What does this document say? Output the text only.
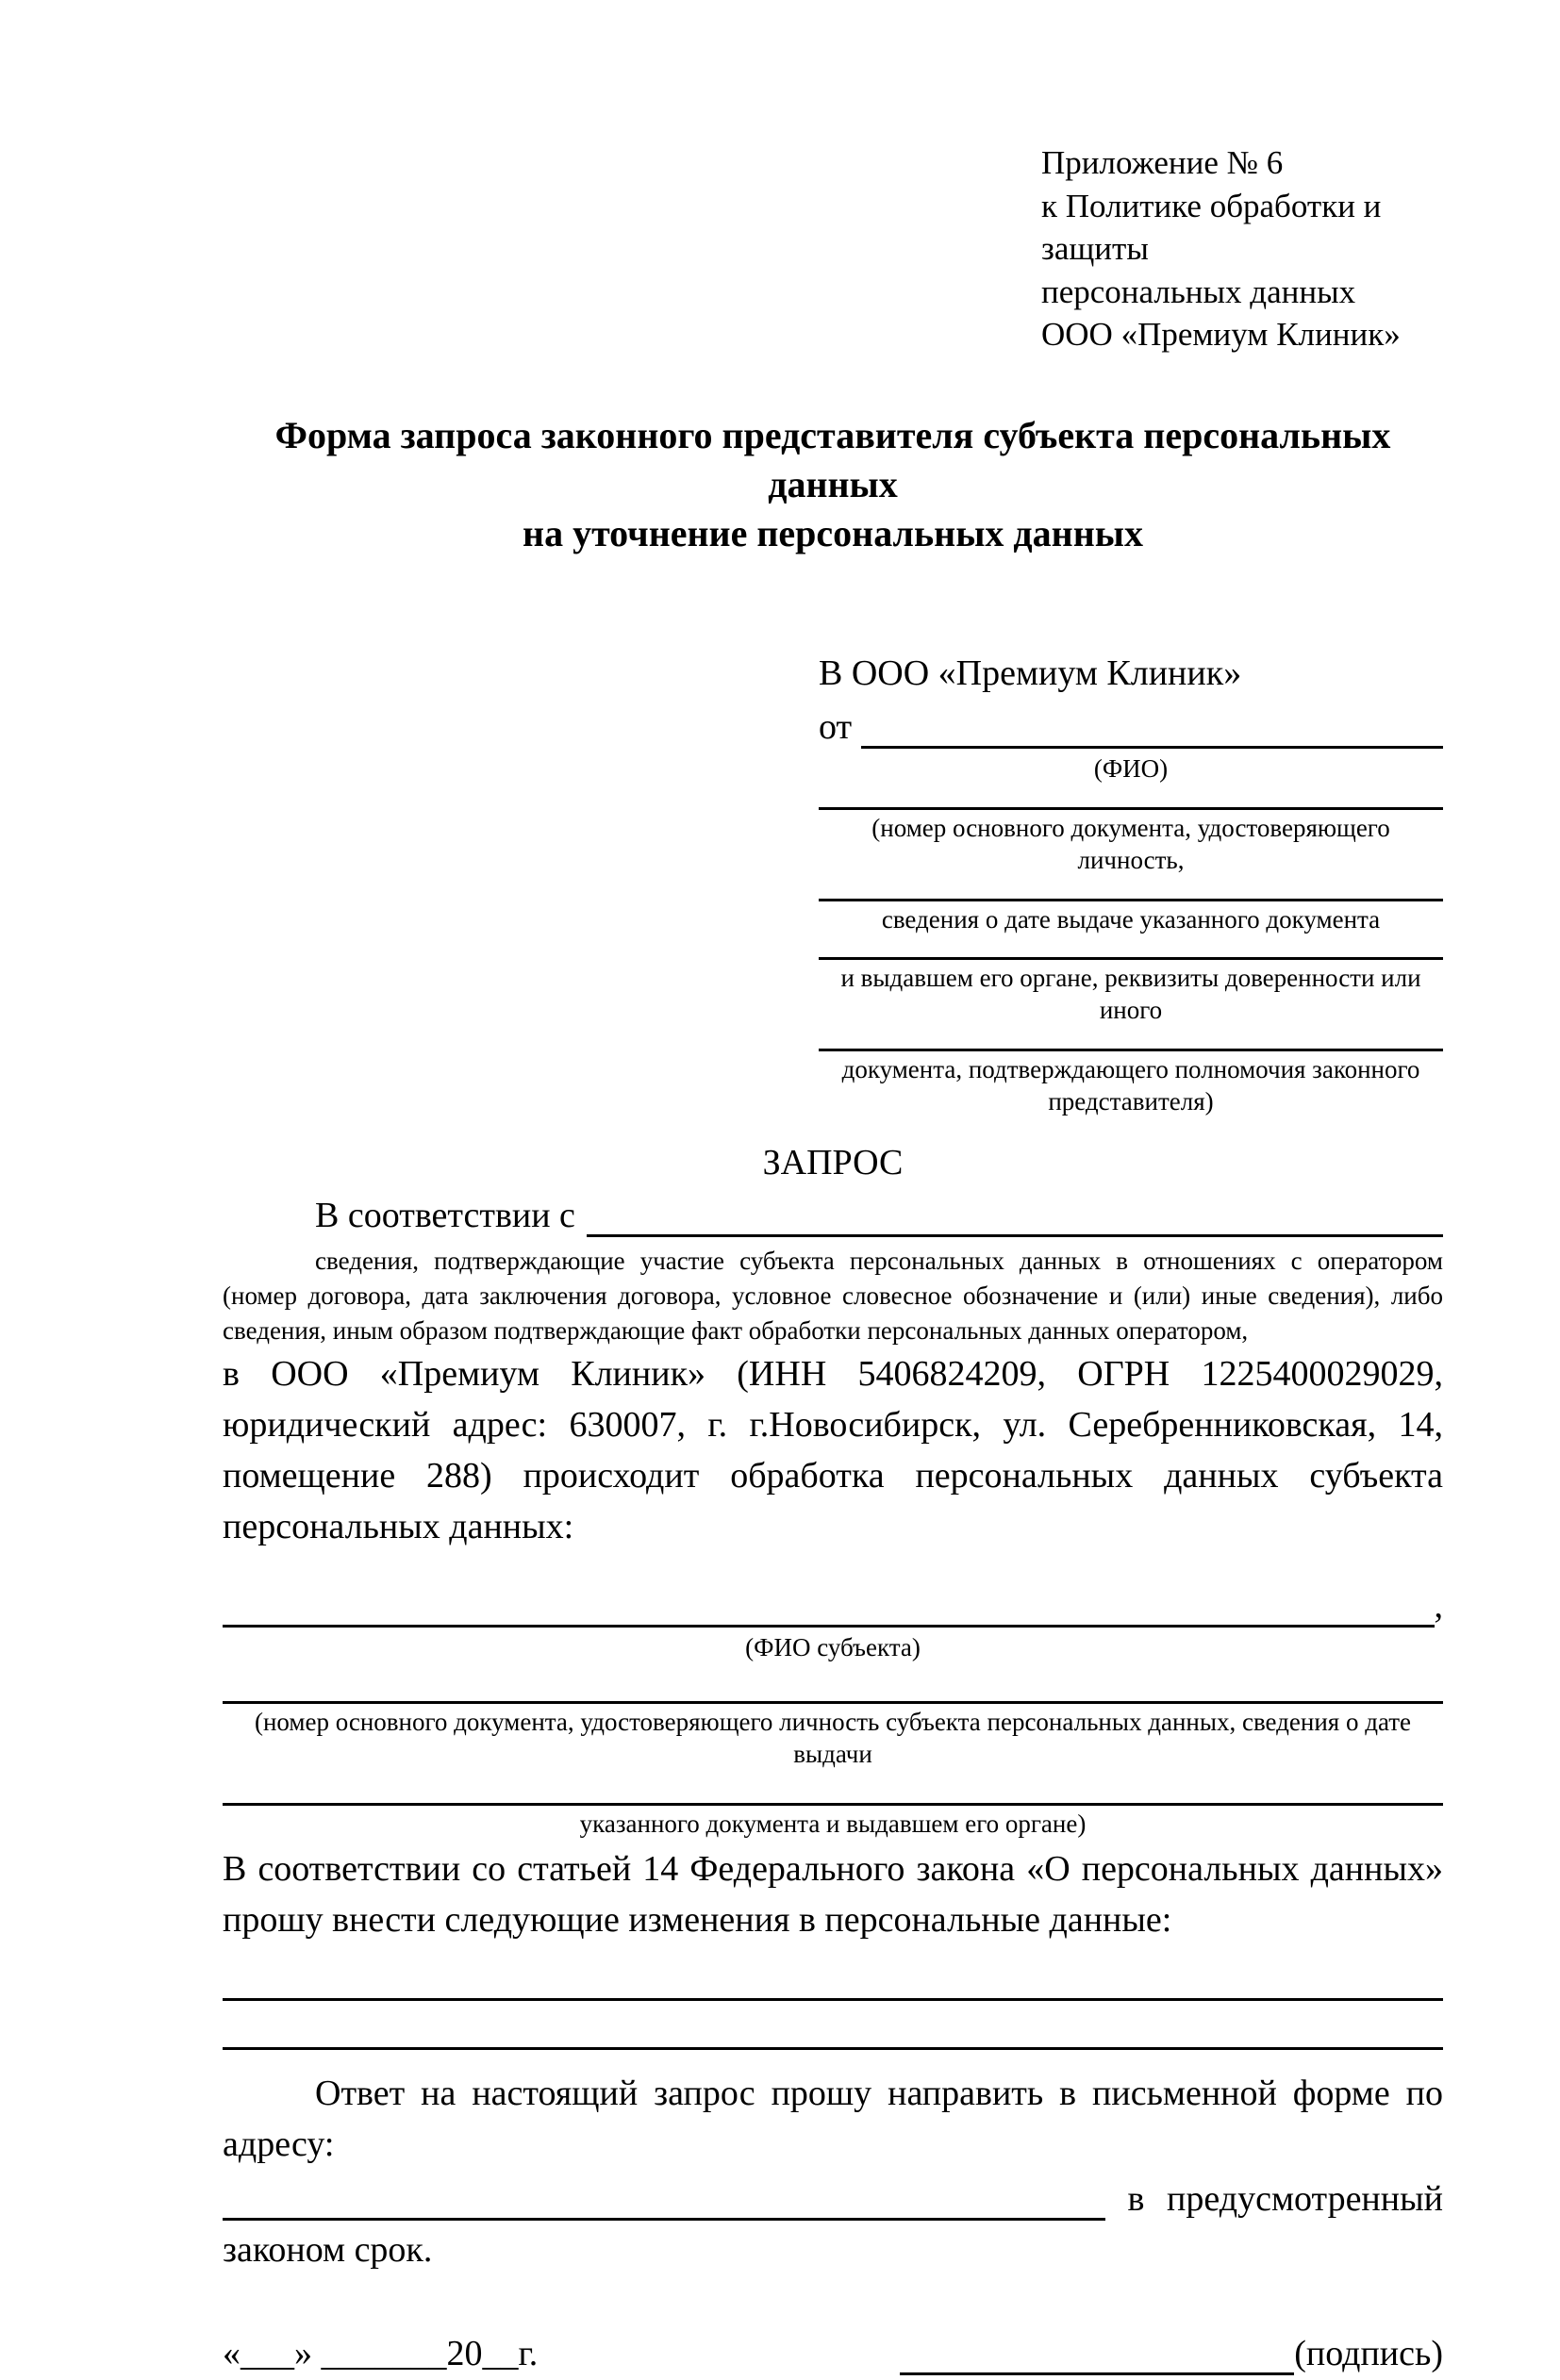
Приложение № 6
к Политике обработки и защиты
персональных данных
ООО «Премиум Клиник»
Форма запроса законного представителя субъекта персональных данных
на уточнение персональных данных
В ООО «Премиум Клиник»
от
(ФИО)
(номер основного документа, удостоверяющего личность,
сведения о дате выдаче указанного документа
и выдавшем его органе, реквизиты доверенности или иного
документа, подтверждающего полномочия законного представителя)
ЗАПРОС
В соответствии с
сведения, подтверждающие участие субъекта персональных данных в отношениях с оператором (номер договора, дата заключения договора, условное словесное обозначение и (или) иные сведения), либо сведения, иным образом подтверждающие факт обработки персональных данных оператором,
в ООО «Премиум Клиник» (ИНН 5406824209, ОГРН 1225400029029, юридический адрес: 630007, г. г.Новосибирск, ул. Серебренниковская, 14, помещение 288) происходит обработка персональных данных субъекта персональных данных:
,
(ФИО субъекта)
(номер основного документа, удостоверяющего личность субъекта персональных данных, сведения о дате выдачи
указанного документа и выдавшем его органе)
В соответствии со статьей 14 Федерального закона «О персональных данных» прошу внести следующие изменения в персональные данные:
Ответ на настоящий запрос прошу направить в письменной форме по адресу:
в предусмотренный
законом срок.
«___» _______20__г.	(подпись)
